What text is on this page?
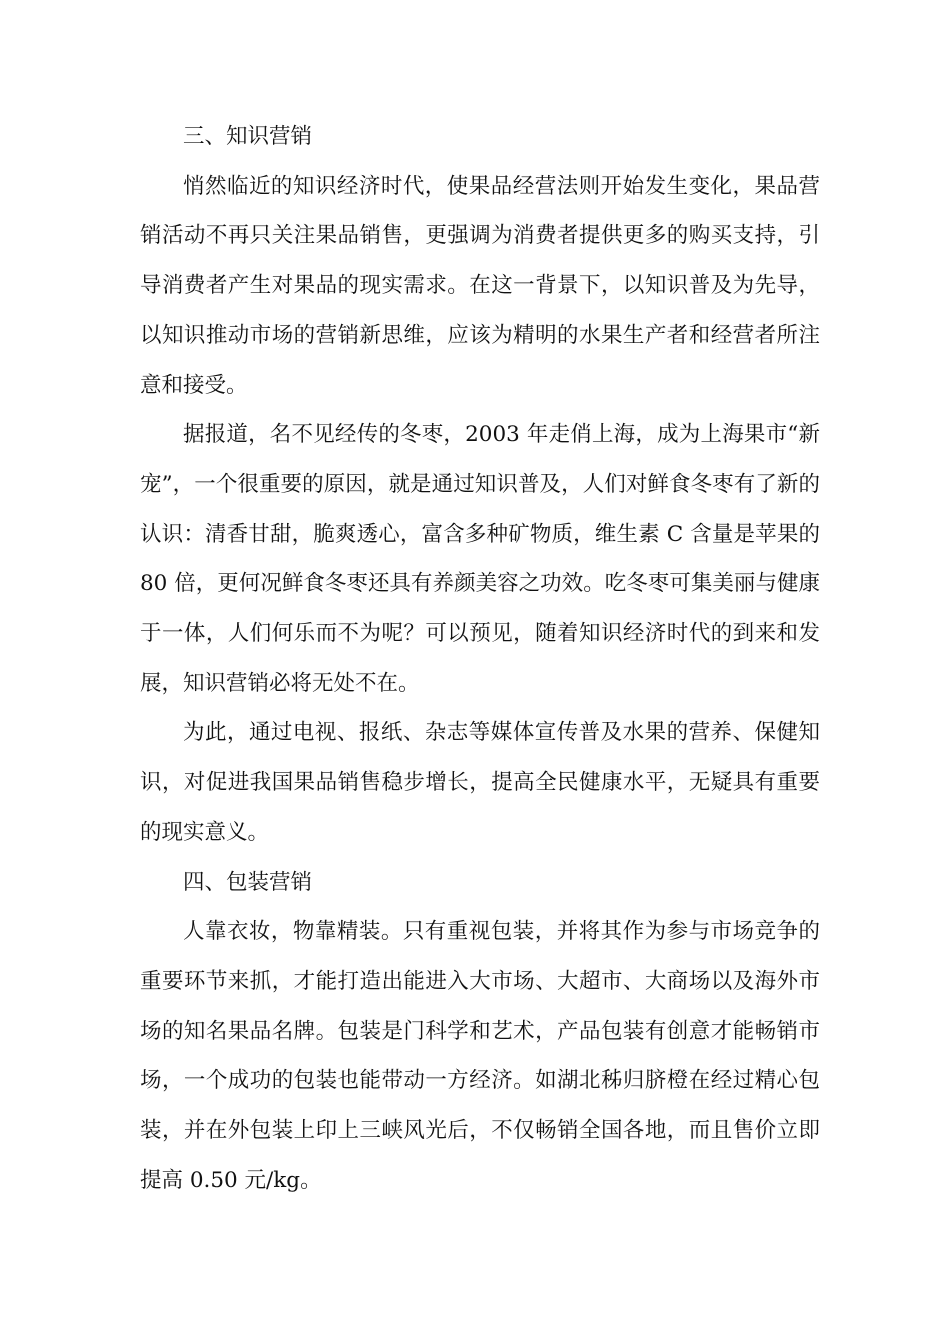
三、知识营销

悄然临近的知识经济时代，使果品经营法则开始发生变化，果品营销活动不再只关注果品销售，更强调为消费者提供更多的购买支持，引导消费者产生对果品的现实需求。在这一背景下，以知识普及为先导，以知识推动市场的营销新思维，应该为精明的水果生产者和经营者所注意和接受。

据报道，名不见经传的冬枣，2003 年走俏上海，成为上海果市“新宠”，一个很重要的原因，就是通过知识普及，人们对鲜食冬枣有了新的认识：清香甘甜，脆爽透心，富含多种矿物质，维生素 C 含量是苹果的 80 倍，更何况鲜食冬枣还具有养颜美容之功效。吃冬枣可集美丽与健康于一体，人们何乐而不为呢？可以预见，随着知识经济时代的到来和发展，知识营销必将无处不在。

为此，通过电视、报纸、杂志等媒体宣传普及水果的营养、保健知识，对促进我国果品销售稳步增长，提高全民健康水平，无疑具有重要的现实意义。

四、包装营销

人靠衣妆，物靠精装。只有重视包装，并将其作为参与市场竞争的重要环节来抓，才能打造出能进入大市场、大超市、大商场以及海外市场的知名果品名牌。包装是门科学和艺术，产品包装有创意才能畅销市场，一个成功的包装也能带动一方经济。如湖北秭归脐橙在经过精心包装，并在外包装上印上三峡风光后，不仅畅销全国各地，而且售价立即提高 0.50 元/kg。
